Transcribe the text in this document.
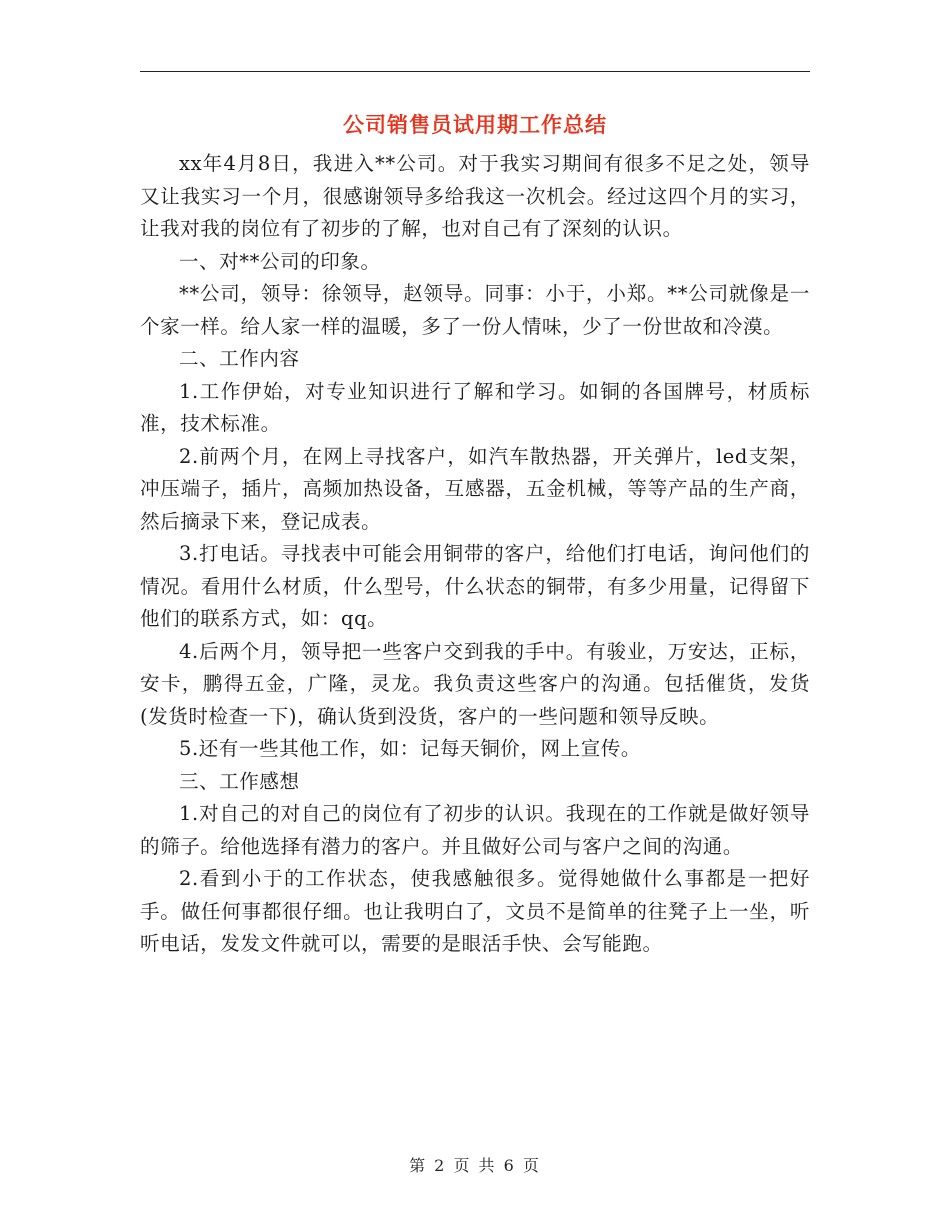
公司销售员试用期工作总结

xx年4月8日，我进入**公司。对于我实习期间有很多不足之处，领导又让我实习一个月，很感谢领导多给我这一次机会。经过这四个月的实习，让我对我的岗位有了初步的了解，也对自己有了深刻的认识。

一、对**公司的印象。

**公司，领导：徐领导，赵领导。同事：小于，小郑。**公司就像是一个家一样。给人家一样的温暖，多了一份人情味，少了一份世故和冷漠。

二、工作内容

1.工作伊始，对专业知识进行了解和学习。如铜的各国牌号，材质标准，技术标准。

2.前两个月，在网上寻找客户，如汽车散热器，开关弹片，led支架，冲压端子，插片，高频加热设备，互感器，五金机械，等等产品的生产商，然后摘录下来，登记成表。

3.打电话。寻找表中可能会用铜带的客户，给他们打电话，询问他们的情况。看用什么材质，什么型号，什么状态的铜带，有多少用量，记得留下他们的联系方式，如：qq。

4.后两个月，领导把一些客户交到我的手中。有骏业，万安达，正标，安卡，鹏得五金，广隆，灵龙。我负责这些客户的沟通。包括催货，发货(发货时检查一下)，确认货到没货，客户的一些问题和领导反映。

5.还有一些其他工作，如：记每天铜价，网上宣传。

三、工作感想

1.对自己的对自己的岗位有了初步的认识。我现在的工作就是做好领导的筛子。给他选择有潜力的客户。并且做好公司与客户之间的沟通。

2.看到小于的工作状态，使我感触很多。觉得她做什么事都是一把好手。做任何事都很仔细。也让我明白了，文员不是简单的往凳子上一坐，听听电话，发发文件就可以，需要的是眼活手快、会写能跑。

第 2 页 共 6 页
